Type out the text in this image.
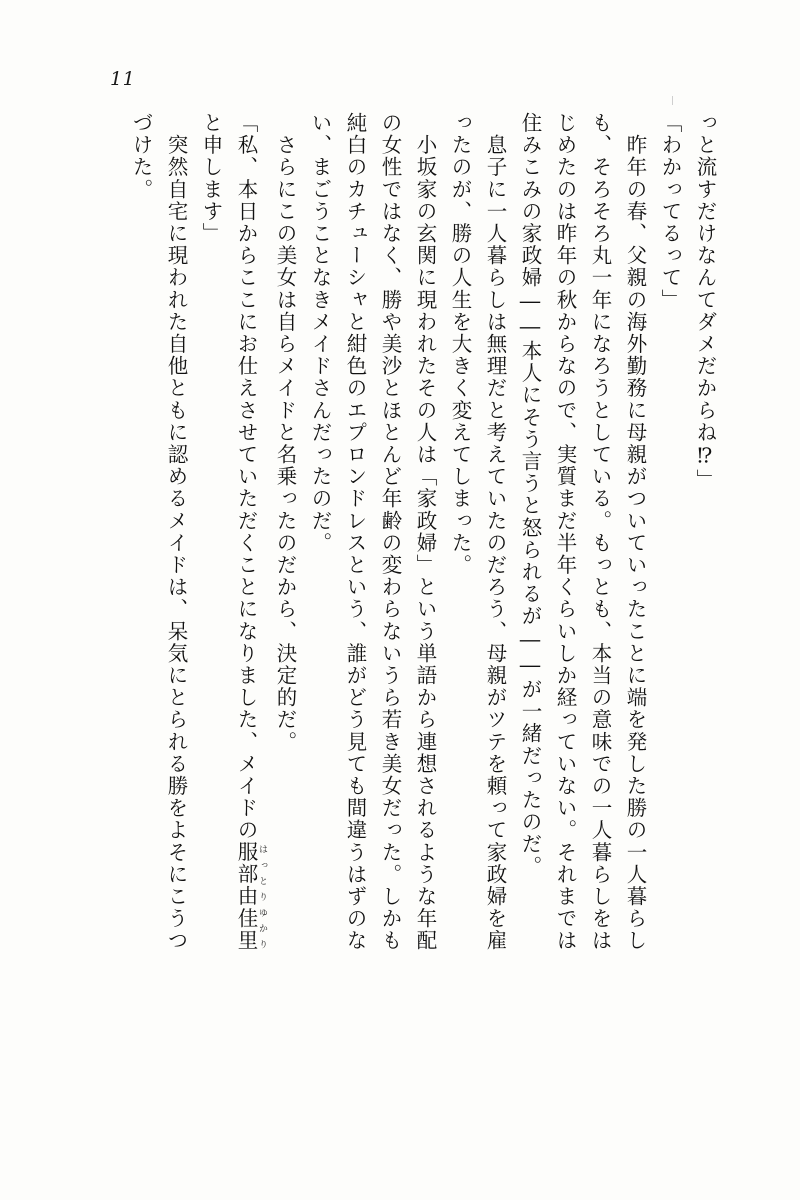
11

っと流すだけなんてダメだからね⁉」

「わかってるって」

　昨年の春、父親の海外勤務に母親がついていったことに端を発した勝の一人暮らし

も、そろそろ丸一年になろうとしている。もっとも、本当の意味での一人暮らしをは

じめたのは昨年の秋からなので、実質まだ半年くらいしか経っていない。それまでは

住みこみの家政婦――本人にそう言うと怒られるが――が一緒だったのだ。

　息子に一人暮らしは無理だと考えていたのだろう、母親がツテを頼って家政婦を雇

ったのが、勝の人生を大きく変えてしまった。

　小坂家の玄関に現われたその人は「家政婦」という単語から連想されるような年配

の女性ではなく、勝や美沙とほとんど年齢の変わらないうら若き美女だった。しかも

純白のカチューシャと紺色のエプロンドレスという、誰がどう見ても間違うはずのな

い、まごうことなきメイドさんだったのだ。

　さらにこの美女は自らメイドと名乗ったのだから、決定的だ。

「私、本日からここにお仕えさせていただくことになりました、メイドの服部由佳里 はっとりゆかり

と申します」

　突然自宅に現われた自他ともに認めるメイドは、呆気にとられる勝をよそにこうつ

づけた。
